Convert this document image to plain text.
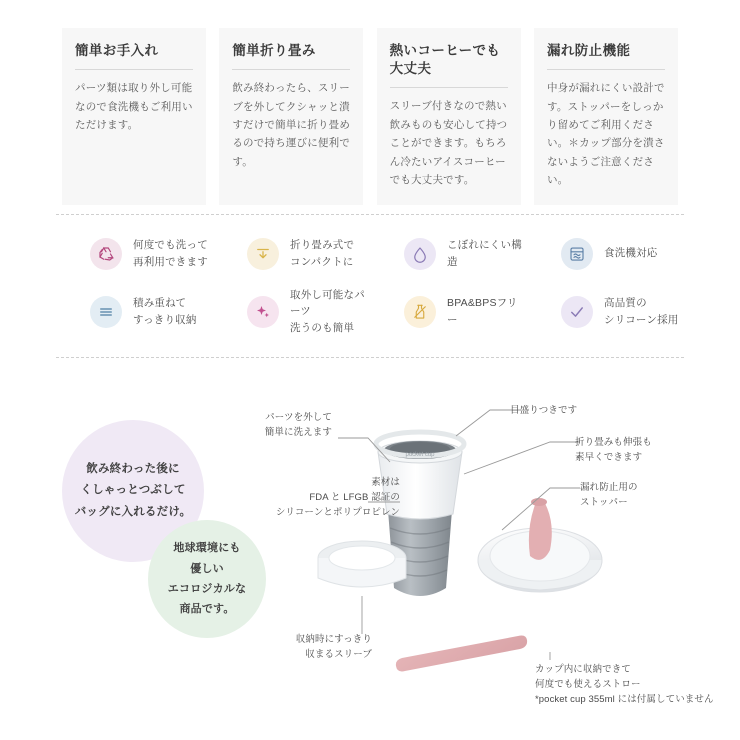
簡単お手入れ
パーツ類は取り外し可能なので食洗機もご利用いただけます。
簡単折り畳み
飲み終わったら、スリーブを外してクシャッと潰すだけで簡単に折り畳めるので持ち運びに便利です。
熱いコーヒーでも大丈夫
スリーブ付きなので熱い飲みものも安心して持つことができます。もちろん冷たいアイスコーヒーでも大丈夫です。
漏れ防止機能
中身が漏れにくい設計です。ストッパーをしっかり留めてご利用ください。＊カップ部分を潰さないようご注意ください。
何度でも洗って
再利用できます
折り畳み式で
コンパクトに
こぼれにくい構造
食洗機対応
積み重ねて
すっきり収納
取外し可能なパーツ
洗うのも簡単
BPA&BPSフリー
高品質の
シリコーン採用
飲み終わった後に
くしゃっとつぶして
バッグに入れるだけ。
地球環境にも
優しい
エコロジカルな
商品です。
pocket cup
パーツを外して
簡単に洗えます
目盛りつきです
折り畳みも伸張も
素早くできます
素材は
FDA と LFGB 認証の
シリコーンとポリプロピレン
漏れ防止用の
ストッパー
収納時にすっきり
収まるスリーブ
カップ内に収納できて
何度でも使えるストロー
*pocket cup 355ml には付属していません
